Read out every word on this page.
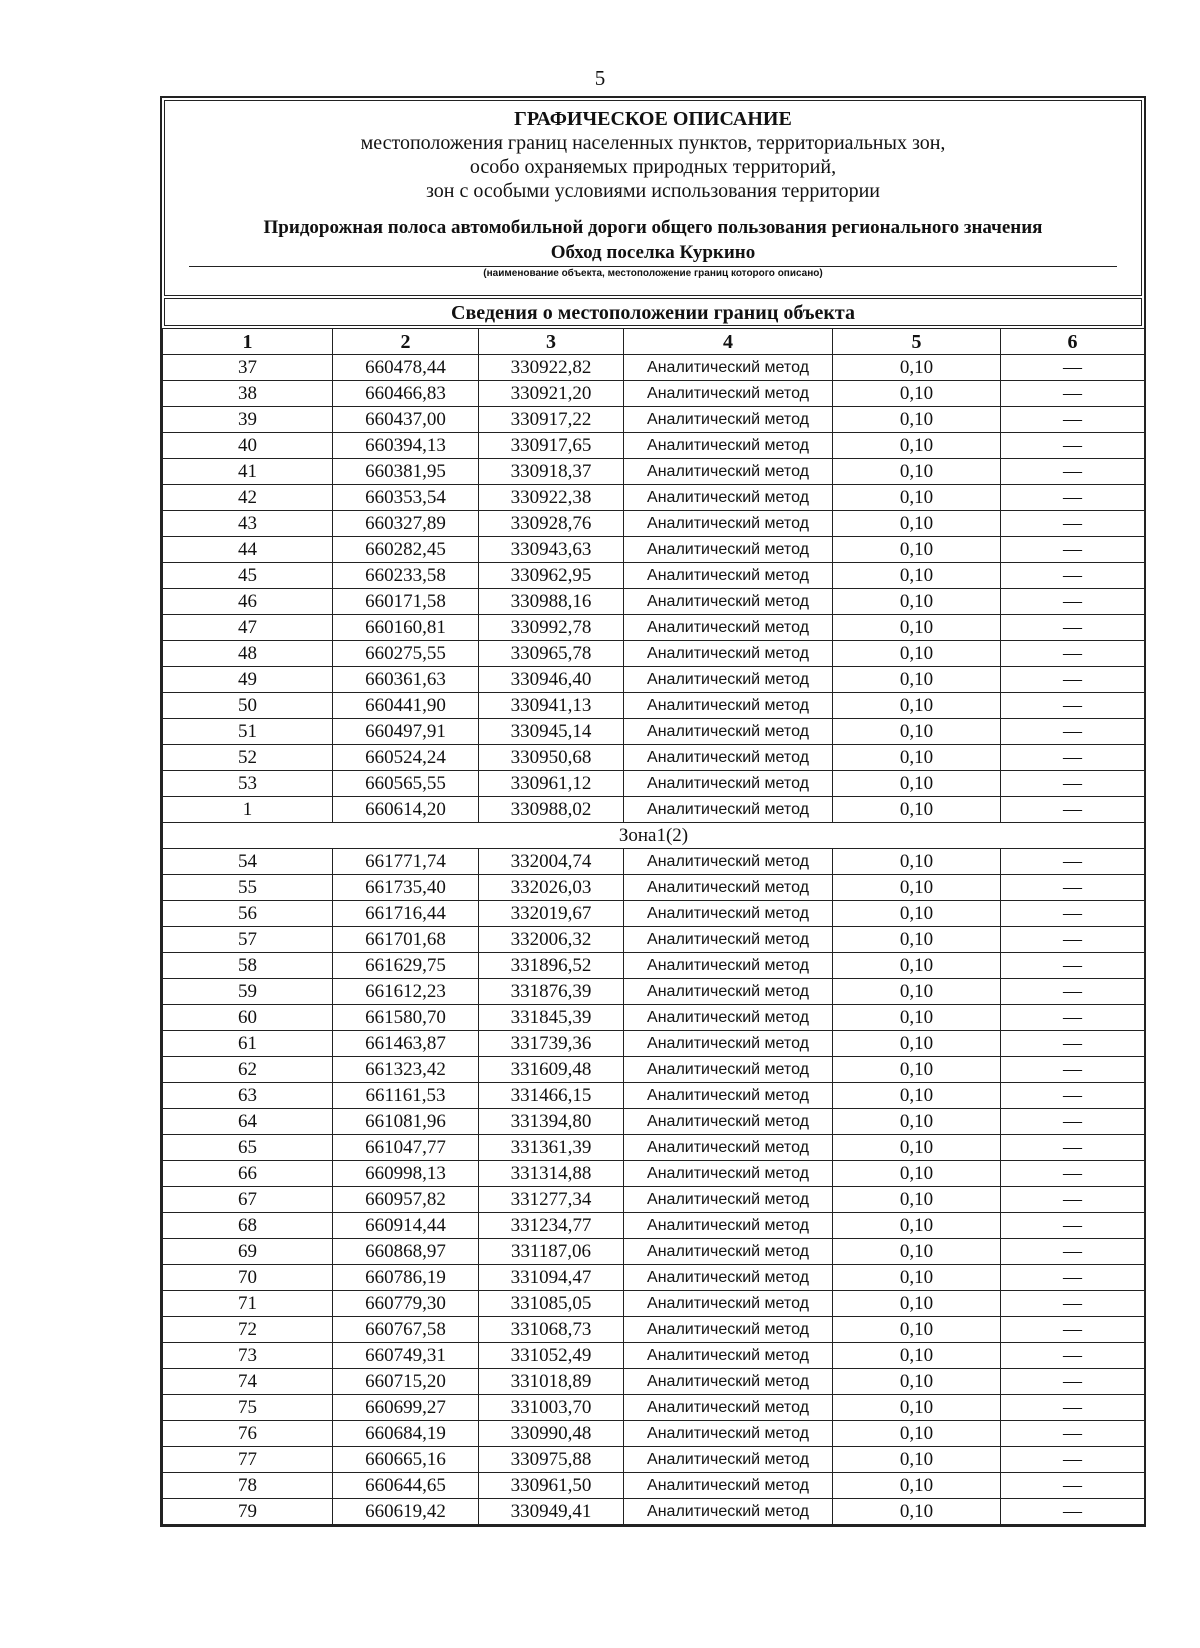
5
ГРАФИЧЕСКОЕ ОПИСАНИЕ
местоположения границ населенных пунктов, территориальных зон,
особо охраняемых природных территорий,
зон с особыми условиями использования территории
Придорожная полоса автомобильной дороги общего пользования регионального значения
Обход поселка Куркино
(наименование объекта, местоположение границ которого описано)
Сведения о местоположении границ объекта
1	2	3	4	5	6
37	660478,44	330922,82	Аналитический метод	0,10	—
38	660466,83	330921,20	Аналитический метод	0,10	—
39	660437,00	330917,22	Аналитический метод	0,10	—
40	660394,13	330917,65	Аналитический метод	0,10	—
41	660381,95	330918,37	Аналитический метод	0,10	—
42	660353,54	330922,38	Аналитический метод	0,10	—
43	660327,89	330928,76	Аналитический метод	0,10	—
44	660282,45	330943,63	Аналитический метод	0,10	—
45	660233,58	330962,95	Аналитический метод	0,10	—
46	660171,58	330988,16	Аналитический метод	0,10	—
47	660160,81	330992,78	Аналитический метод	0,10	—
48	660275,55	330965,78	Аналитический метод	0,10	—
49	660361,63	330946,40	Аналитический метод	0,10	—
50	660441,90	330941,13	Аналитический метод	0,10	—
51	660497,91	330945,14	Аналитический метод	0,10	—
52	660524,24	330950,68	Аналитический метод	0,10	—
53	660565,55	330961,12	Аналитический метод	0,10	—
1	660614,20	330988,02	Аналитический метод	0,10	—
Зона1(2)					
54	661771,74	332004,74	Аналитический метод	0,10	—
55	661735,40	332026,03	Аналитический метод	0,10	—
56	661716,44	332019,67	Аналитический метод	0,10	—
57	661701,68	332006,32	Аналитический метод	0,10	—
58	661629,75	331896,52	Аналитический метод	0,10	—
59	661612,23	331876,39	Аналитический метод	0,10	—
60	661580,70	331845,39	Аналитический метод	0,10	—
61	661463,87	331739,36	Аналитический метод	0,10	—
62	661323,42	331609,48	Аналитический метод	0,10	—
63	661161,53	331466,15	Аналитический метод	0,10	—
64	661081,96	331394,80	Аналитический метод	0,10	—
65	661047,77	331361,39	Аналитический метод	0,10	—
66	660998,13	331314,88	Аналитический метод	0,10	—
67	660957,82	331277,34	Аналитический метод	0,10	—
68	660914,44	331234,77	Аналитический метод	0,10	—
69	660868,97	331187,06	Аналитический метод	0,10	—
70	660786,19	331094,47	Аналитический метод	0,10	—
71	660779,30	331085,05	Аналитический метод	0,10	—
72	660767,58	331068,73	Аналитический метод	0,10	—
73	660749,31	331052,49	Аналитический метод	0,10	—
74	660715,20	331018,89	Аналитический метод	0,10	—
75	660699,27	331003,70	Аналитический метод	0,10	—
76	660684,19	330990,48	Аналитический метод	0,10	—
77	660665,16	330975,88	Аналитический метод	0,10	—
78	660644,65	330961,50	Аналитический метод	0,10	—
79	660619,42	330949,41	Аналитический метод	0,10	—
